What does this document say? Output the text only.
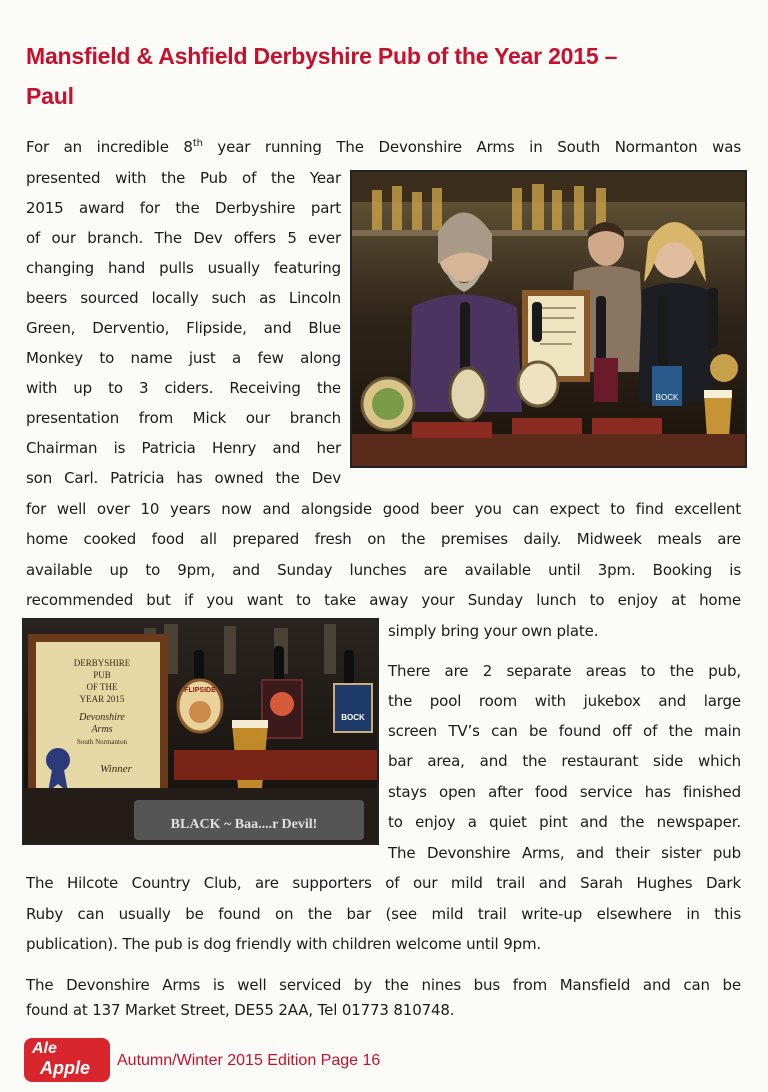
Mansfield & Ashfield Derbyshire Pub of the Year 2015 –
Paul
For an incredible 8th year running The Devonshire Arms in South Normanton was
presented with the Pub of the Year
2015 award for the Derbyshire part
of our branch. The Dev offers 5 ever
changing hand pulls usually featuring
beers sourced locally such as Lincoln
Green, Derventio, Flipside, and Blue
Monkey to name just a few along
with up to 3 ciders. Receiving the
presentation from Mick our branch
Chairman is Patricia Henry and her
son Carl. Patricia has owned the Dev
for well over 10 years now and alongside good beer you can expect to find excellent
home cooked food all prepared fresh on the premises daily. Midweek meals are
available up to 9pm, and Sunday lunches are available until 3pm. Booking is
recommended but if you want to take away your Sunday lunch to enjoy at home
simply bring your own plate.
There are 2 separate areas to the pub,
the pool room with jukebox and large
screen TV’s can be found off of the main
bar area, and the restaurant side which
stays open after food service has finished
to enjoy a quiet pint and the newspaper.
The Devonshire Arms, and their sister pub
The Hilcote Country Club, are supporters of our mild trail and Sarah Hughes Dark
Ruby can usually be found on the bar (see mild trail write-up elsewhere in this
publication). The pub is dog friendly with children welcome until 9pm.
The Devonshire Arms is well serviced by the nines bus from Mansfield and can be
found at 137 Market Street, DE55 2AA, Tel 01773 810748.
BOCK
DERBYSHIRE
PUB
OF THE
YEAR 2015
Devonshire
Arms
South Normanton
Winner
FLIPSIDE
BOCK
BLACK ~ Baa....r Devil!
Ale
Apple Autumn/Winter 2015 Edition Page 16
